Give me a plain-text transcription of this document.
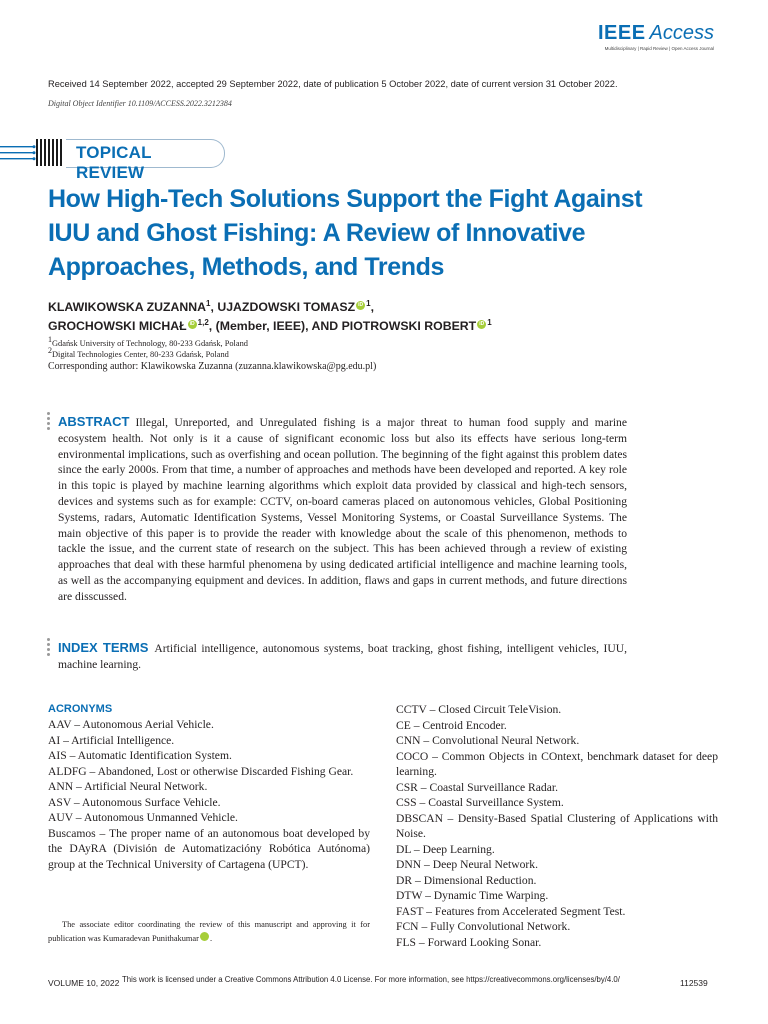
IEEE Access
Multidisciplinary | Rapid Review | Open Access Journal
Received 14 September 2022, accepted 29 September 2022, date of publication 5 October 2022, date of current version 31 October 2022.
Digital Object Identifier 10.1109/ACCESS.2022.3212384
TOPICAL REVIEW
How High-Tech Solutions Support the Fight Against IUU and Ghost Fishing: A Review of Innovative Approaches, Methods, and Trends
KLAWIKOWSKA ZUZANNA$^1$, UJAZDOWSKI TOMASZ iD $^1$,
GROCHOWSKI MICHAŁ iD $^{1,2}$, (Member, IEEE), AND PIOTROWSKI ROBERT iD $^1$
$^1$Gdańsk University of Technology, 80-233 Gdańsk, Poland
$^2$Digital Technologies Center, 80-233 Gdańsk, Poland
Corresponding author: Klawikowska Zuzanna (zuzanna.klawikowska@pg.edu.pl)
ABSTRACT Illegal, Unreported, and Unregulated fishing is a major threat to human food supply and marine ecosystem health. Not only is it a cause of significant economic loss but also its effects have serious long-term environmental implications, such as overfishing and ocean pollution. The beginning of the fight against this problem dates since the early 2000s. From that time, a number of approaches and methods have been developed and reported. A key role in this topic is played by machine learning algorithms which exploit data provided by classical and high-tech sensors, devices and systems such as for example: CCTV, on-board cameras placed on autonomous vehicles, Global Positioning Systems, radars, Automatic Identification Systems, Vessel Monitoring Systems, or Coastal Surveillance Systems. The main objective of this paper is to provide the reader with knowledge about the scale of this phenomenon, methods to tackle the issue, and the current state of research on the subject. This has been achieved through a review of existing approaches that deal with these harmful phenomena by using dedicated artificial intelligence and machine learning tools, as well as the accompanying equipment and devices. In addition, flaws and gaps in current methods, and future directions are disscussed.
INDEX TERMS Artificial intelligence, autonomous systems, boat tracking, ghost fishing, intelligent vehicles, IUU, machine learning.
ACRONYMS
AAV – Autonomous Aerial Vehicle.
AI – Artificial Intelligence.
AIS – Automatic Identification System.
ALDFG – Abandoned, Lost or otherwise Discarded Fishing Gear.
ANN – Artificial Neural Network.
ASV – Autonomous Surface Vehicle.
AUV – Autonomous Unmanned Vehicle.
Buscamos – The proper name of an autonomous boat developed by the DAyRA (División de Automatizacióny Robótica Autónoma) group at the Technical University of Cartagena (UPCT).
CCTV – Closed Circuit TeleVision.
CE – Centroid Encoder.
CNN – Convolutional Neural Network.
COCO – Common Objects in COntext, benchmark dataset for deep learning.
CSR – Coastal Surveillance Radar.
CSS – Coastal Surveillance System.
DBSCAN – Density-Based Spatial Clustering of Applications with Noise.
DL – Deep Learning.
DNN – Deep Neural Network.
DR – Dimensional Reduction.
DTW – Dynamic Time Warping.
FAST – Features from Accelerated Segment Test.
FCN – Fully Convolutional Network.
FLS – Forward Looking Sonar.
The associate editor coordinating the review of this manuscript and approving it for publication was Kumaradevan Punithakumar	iD.
VOLUME 10, 2022 This work is licensed under a Creative Commons Attribution 4.0 License. For more information, see https://creativecommons.org/licenses/by/4.0/	112539
